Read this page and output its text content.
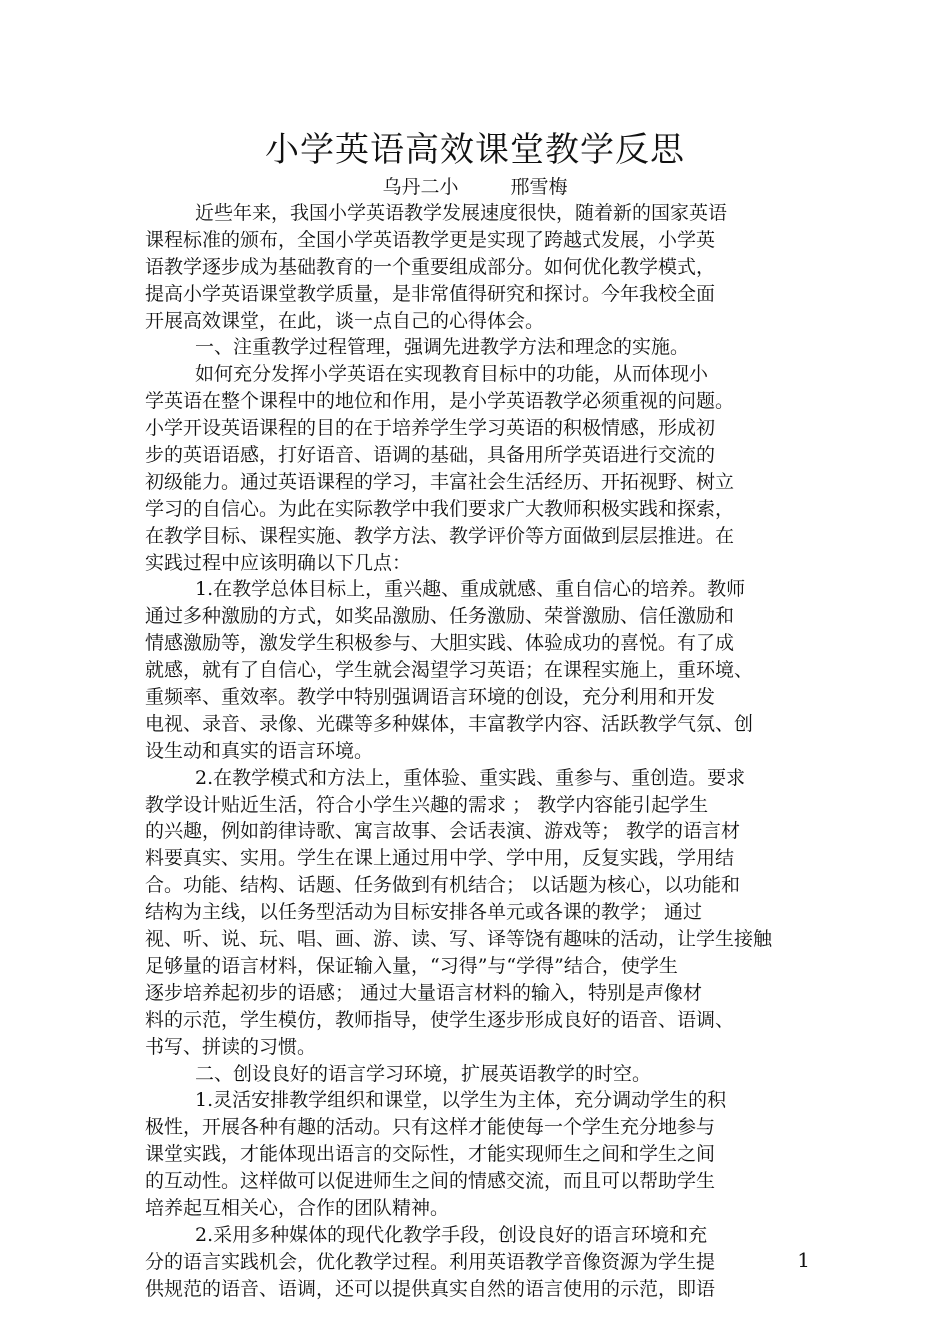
小学英语高效课堂教学反思
乌丹二小	邢雪梅
近些年来，我国小学英语教学发展速度很快，随着新的国家英语
课程标准的颁布，全国小学英语教学更是实现了跨越式发展，小学英
语教学逐步成为基础教育的一个重要组成部分。如何优化教学模式，
提高小学英语课堂教学质量，是非常值得研究和探讨。今年我校全面
开展高效课堂，在此，谈一点自己的心得体会。
一、注重教学过程管理，强调先进教学方法和理念的实施。
如何充分发挥小学英语在实现教育目标中的功能，从而体现小
学英语在整个课程中的地位和作用，是小学英语教学必须重视的问题。
小学开设英语课程的目的在于培养学生学习英语的积极情感，形成初
步的英语语感，打好语音、语调的基础，具备用所学英语进行交流的
初级能力。通过英语课程的学习，丰富社会生活经历、开拓视野、树立
学习的自信心。为此在实际教学中我们要求广大教师积极实践和探索，
在教学目标、课程实施、教学方法、教学评价等方面做到层层推进。在
实践过程中应该明确以下几点：
1.在教学总体目标上，重兴趣、重成就感、重自信心的培养。教师
通过多种激励的方式，如奖品激励、任务激励、荣誉激励、信任激励和
情感激励等，激发学生积极参与、大胆实践、体验成功的喜悦。有了成
就感，就有了自信心，学生就会渴望学习英语；在课程实施上，重环境、
重频率、重效率。教学中特别强调语言环境的创设，充分利用和开发
电视、录音、录像、光碟等多种媒体，丰富教学内容、活跃教学气氛、创
设生动和真实的语言环境。
2.在教学模式和方法上，重体验、重实践、重参与、重创造。要求
教学设计贴近生活，符合小学生兴趣的需求 ； 教学内容能引起学生
的兴趣，例如韵律诗歌、寓言故事、会话表演、游戏等； 教学的语言材
料要真实、实用。学生在课上通过用中学、学中用，反复实践，学用结
合。功能、结构、话题、任务做到有机结合； 以话题为核心，以功能和
结构为主线，以任务型活动为目标安排各单元或各课的教学； 通过
视、听、说、玩、唱、画、游、读、写、译等饶有趣味的活动，让学生接触
足够量的语言材料，保证输入量，“习得”与“学得”结合，使学生
逐步培养起初步的语感； 通过大量语言材料的输入，特别是声像材
料的示范，学生模仿，教师指导，使学生逐步形成良好的语音、语调、
书写、拼读的习惯。
二、创设良好的语言学习环境，扩展英语教学的时空。
1.灵活安排教学组织和课堂，以学生为主体，充分调动学生的积
极性，开展各种有趣的活动。只有这样才能使每一个学生充分地参与
课堂实践，才能体现出语言的交际性，才能实现师生之间和学生之间
的互动性。这样做可以促进师生之间的情感交流，而且可以帮助学生
培养起互相关心，合作的团队精神。
2.采用多种媒体的现代化教学手段，创设良好的语言环境和充
分的语言实践机会，优化教学过程。利用英语教学音像资源为学生提
供规范的语音、语调，还可以提供真实自然的语言使用的示范，即语
1
